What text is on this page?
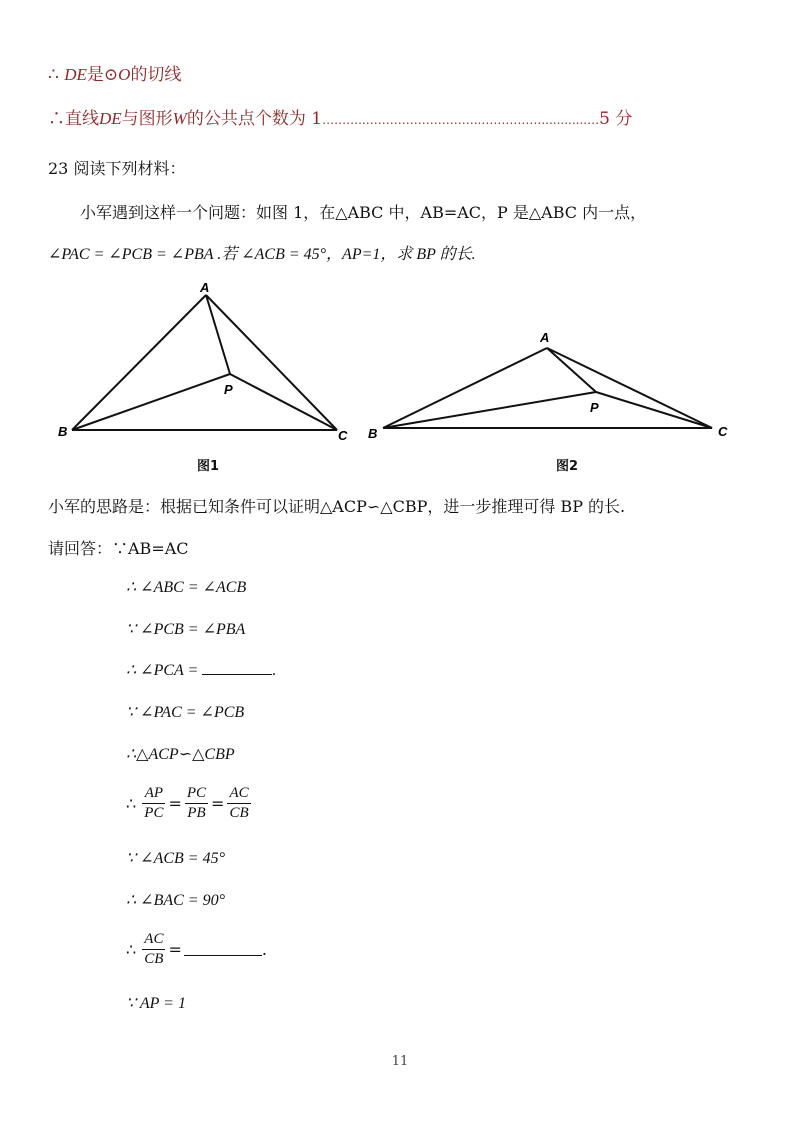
∴ DE是⊙O的切线
∴直线DE与图形W的公共点个数为 1………..………………………..……………............…5 分
23 阅读下列材料：
小军遇到这样一个问题：如图 1，在△ABC 中，AB=AC，P 是△ABC 内一点，
∠PAC = ∠PCB = ∠PBA .若 ∠ACB = 45°，AP=1，求 BP 的长.
A
B	C
P
A
B	C
P
图1	图2
小军的思路是：根据已知条件可以证明△ACP∽△CBP，进一步推理可得 BP 的长.
请回答：∵AB=AC
∴ ∠ABC = ∠ACB
∵ ∠PCB = ∠PBA
∴ ∠PCA =	.
∵ ∠PAC = ∠PCB
∴△ACP∽△CBP
∴ $\frac{AP}{PC} = \frac{PC}{PB} = \frac{AC}{CB}$
∵ ∠ACB = 45°
∴ ∠BAC = 90°
∴ $\frac{AC}{CB}$ =	.
∵ AP = 1
11
